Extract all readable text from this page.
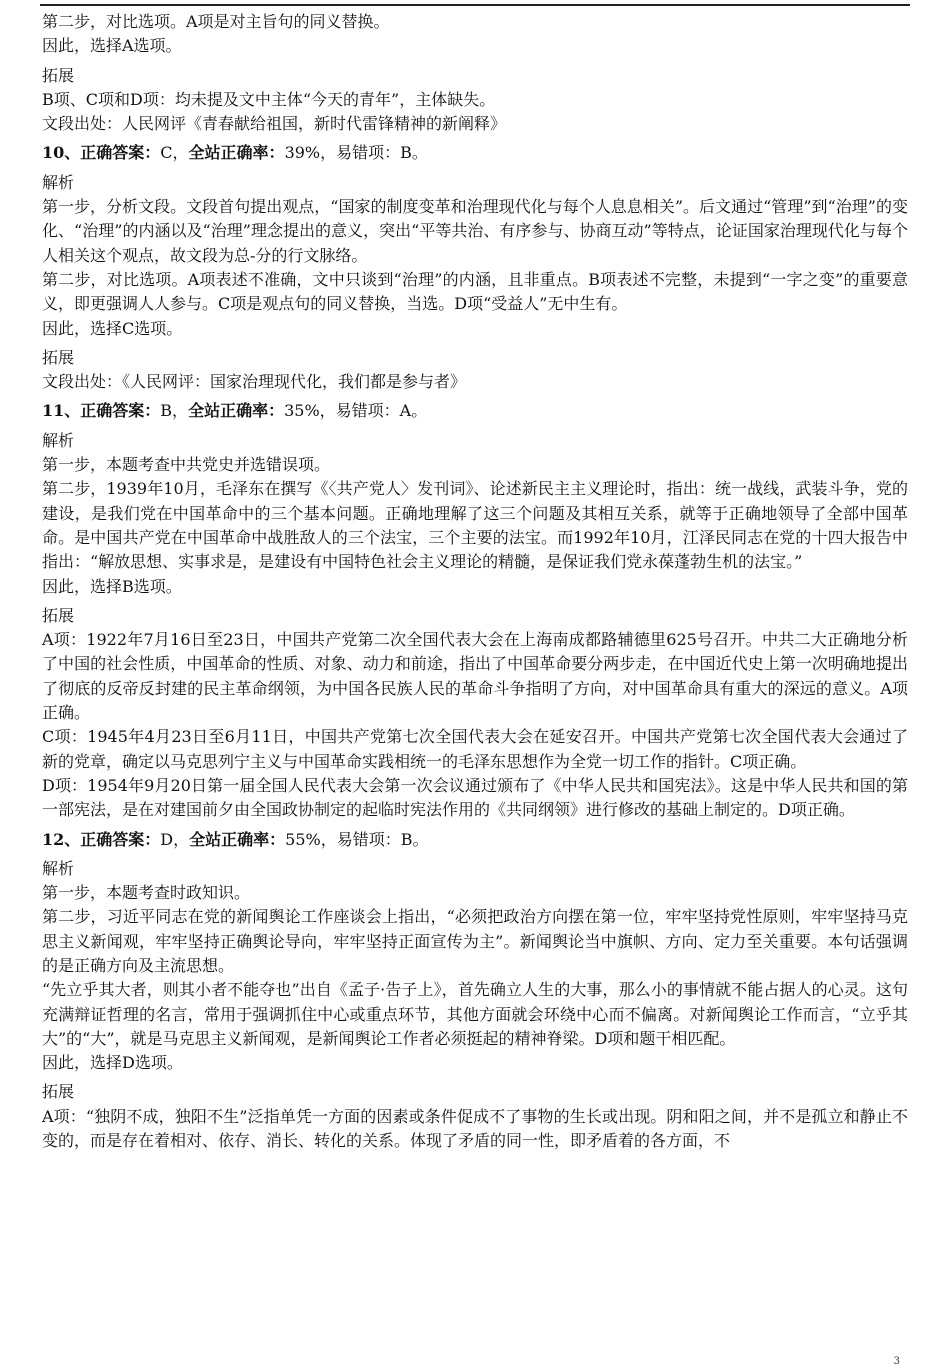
第二步，对比选项。A项是对主旨句的同义替换。
因此，选择A选项。
拓展
B项、C项和D项：均未提及文中主体“今天的青年”，主体缺失。
文段出处：人民网评《青春献给祖国，新时代雷锋精神的新阐释》
10、正确答案：C，全站正确率：39%，易错项：B。
解析
第一步，分析文段。文段首句提出观点，“国家的制度变革和治理现代化与每个人息息相关”。后文通过“管理”到“治理”的变化、“治理”的内涵以及“治理”理念提出的意义，突出“平等共治、有序参与、协商互动”等特点，论证国家治理现代化与每个人相关这个观点，故文段为总-分的行文脉络。
第二步，对比选项。A项表述不准确，文中只谈到“治理”的内涵，且非重点。B项表述不完整，未提到“一字之变”的重要意义，即更强调人人参与。C项是观点句的同义替换，当选。D项“受益人”无中生有。
因此，选择C选项。
拓展
文段出处：《人民网评：国家治理现代化，我们都是参与者》
11、正确答案：B，全站正确率：35%，易错项：A。
解析
第一步，本题考查中共党史并选错误项。
第二步，1939年10月，毛泽东在撰写《〈共产党人〉发刊词》、论述新民主主义理论时，指出：统一战线，武装斗争，党的建设，是我们党在中国革命中的三个基本问题。正确地理解了这三个问题及其相互关系，就等于正确地领导了全部中国革命。是中国共产党在中国革命中战胜敌人的三个法宝，三个主要的法宝。而1992年10月，江泽民同志在党的十四大报告中指出：“解放思想、实事求是，是建设有中国特色社会主义理论的精髓，是保证我们党永葆蓬勃生机的法宝。”
因此，选择B选项。
拓展
A项：1922年7月16日至23日，中国共产党第二次全国代表大会在上海南成都路辅德里625号召开。中共二大正确地分析了中国的社会性质，中国革命的性质、对象、动力和前途，指出了中国革命要分两步走，在中国近代史上第一次明确地提出了彻底的反帝反封建的民主革命纲领，为中国各民族人民的革命斗争指明了方向，对中国革命具有重大的深远的意义。A项正确。
C项：1945年4月23日至6月11日，中国共产党第七次全国代表大会在延安召开。中国共产党第七次全国代表大会通过了新的党章，确定以马克思列宁主义与中国革命实践相统一的毛泽东思想作为全党一切工作的指针。C项正确。
D项：1954年9月20日第一届全国人民代表大会第一次会议通过颁布了《中华人民共和国宪法》。这是中华人民共和国的第一部宪法，是在对建国前夕由全国政协制定的起临时宪法作用的《共同纲领》进行修改的基础上制定的。D项正确。
12、正确答案：D，全站正确率：55%，易错项：B。
解析
第一步，本题考查时政知识。
第二步，习近平同志在党的新闻舆论工作座谈会上指出，“必须把政治方向摆在第一位，牢牢坚持党性原则，牢牢坚持马克思主义新闻观，牢牢坚持正确舆论导向，牢牢坚持正面宣传为主”。新闻舆论当中旗帜、方向、定力至关重要。本句话强调的是正确方向及主流思想。
“先立乎其大者，则其小者不能夺也”出自《孟子·告子上》，首先确立人生的大事，那么小的事情就不能占据人的心灵。这句充满辩证哲理的名言，常用于强调抓住中心或重点环节，其他方面就会环绕中心而不偏离。对新闻舆论工作而言，“立乎其大”的“大”，就是马克思主义新闻观，是新闻舆论工作者必须挺起的精神脊梁。D项和题干相匹配。
因此，选择D选项。
拓展
A项：“独阴不成，独阳不生”泛指单凭一方面的因素或条件促成不了事物的生长或出现。阴和阳之间，并不是孤立和静止不变的，而是存在着相对、依存、消长、转化的关系。体现了矛盾的同一性，即矛盾着的各方面，不
3
